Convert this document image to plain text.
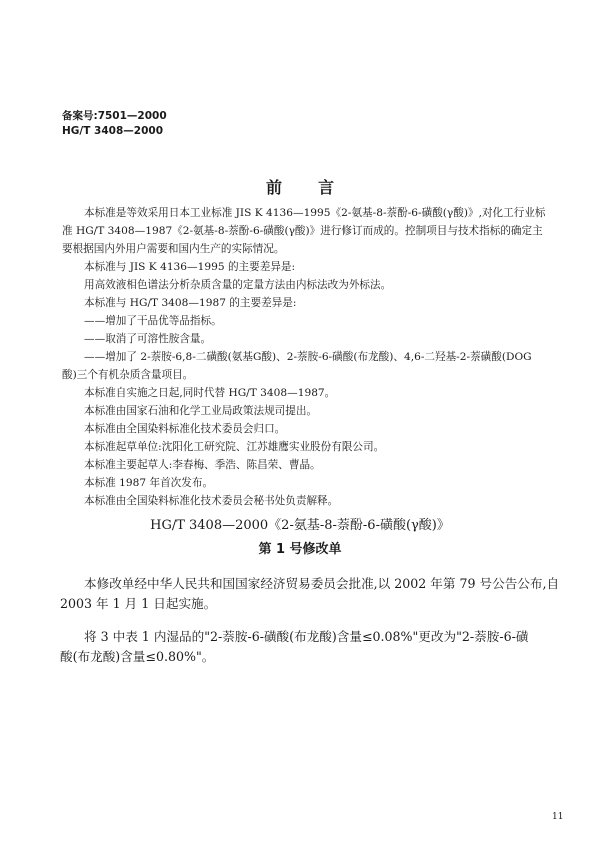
备案号:7501—2000
HG/T 3408—2000
前言
本标准是等效采用日本工业标准 JIS K 4136—1995《2-氨基-8-萘酚-6-磺酸(γ酸)》,对化工行业标
准 HG/T 3408—1987《2-氨基-8-萘酚-6-磺酸(γ酸)》进行修订而成的。控制项目与技术指标的确定主
要根据国内外用户需要和国内生产的实际情况。
本标准与 JIS K 4136—1995 的主要差异是:
用高效液相色谱法分析杂质含量的定量方法由内标法改为外标法。
本标准与 HG/T 3408—1987 的主要差异是:
——增加了干品优等品指标。
——取消了可溶性胺含量。
——增加了 2-萘胺-6,8-二磺酸(氨基G酸)、2-萘胺-6-磺酸(布龙酸)、4,6-二羟基-2-萘磺酸(DOG
酸)三个有机杂质含量项目。
本标准自实施之日起,同时代替 HG/T 3408—1987。
本标准由国家石油和化学工业局政策法规司提出。
本标准由全国染料标准化技术委员会归口。
本标准起草单位:沈阳化工研究院、江苏雄鹰实业股份有限公司。
本标准主要起草人:李春梅、季浩、陈昌荣、曹晶。
本标准 1987 年首次发布。
本标准由全国染料标准化技术委员会秘书处负责解释。
HG/T 3408—2000《2-氨基-8-萘酚-6-磺酸(γ酸)》
第 1 号修改单
本修改单经中华人民共和国国家经济贸易委员会批准,以 2002 年第 79 号公告公布,自
2003 年 1 月 1 日起实施。
将 3 中表 1 内湿品的"2-萘胺-6-磺酸(布龙酸)含量≤0.08%"更改为"2-萘胺-6-磺
酸(布龙酸)含量≤0.80%"。
11
